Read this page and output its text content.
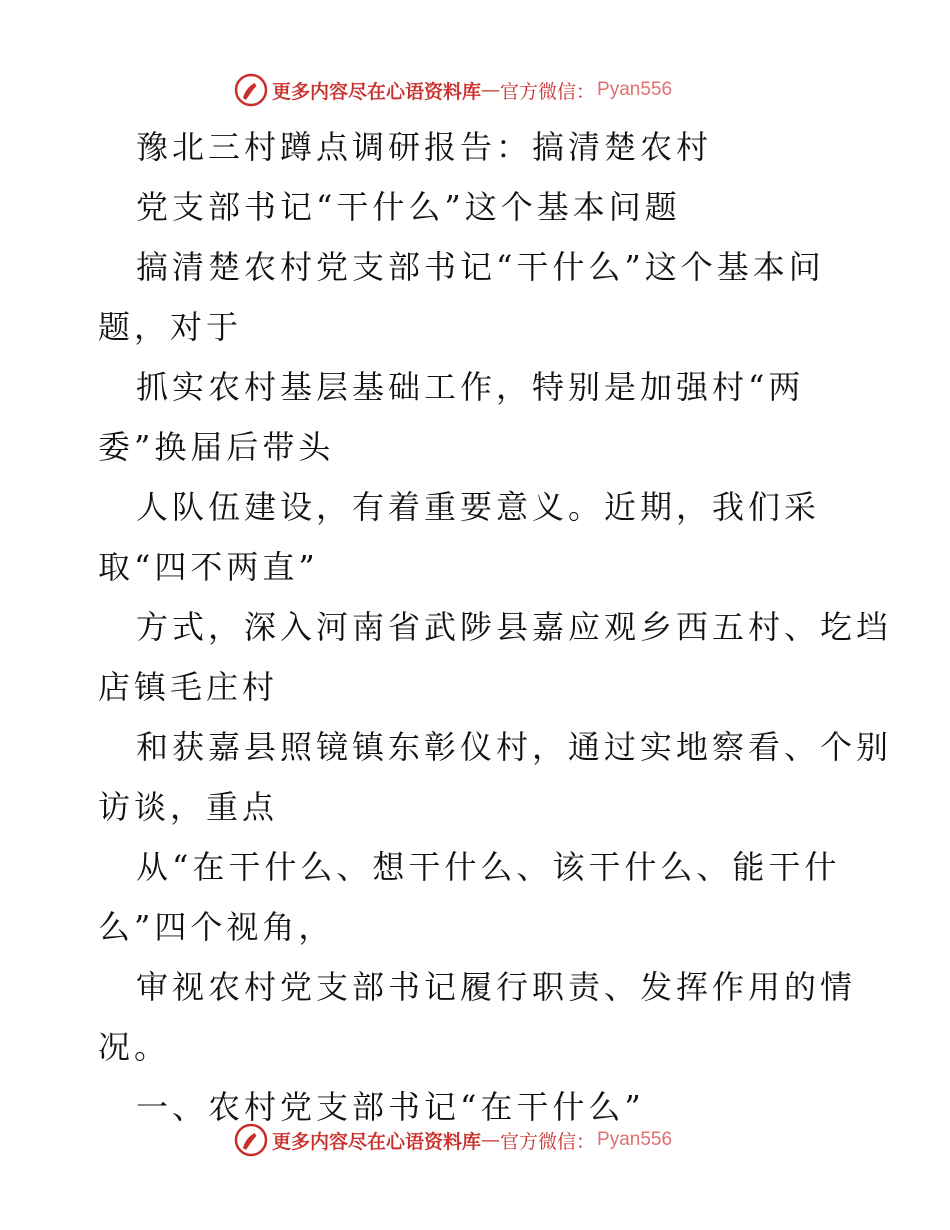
更多内容尽在心语资料库 — 官方微信： Pyan556
豫北三村蹲点调研报告：搞清楚农村
党支部书记“干什么”这个基本问题
搞清楚农村党支部书记“干什么”这个基本问
题，对于
抓实农村基层基础工作，特别是加强村“两
委”换届后带头
人队伍建设，有着重要意义。近期，我们采
取“四不两直”
方式，深入河南省武陟县嘉应观乡西五村、圪垱
店镇毛庄村
和获嘉县照镜镇东彰仪村，通过实地察看、个别
访谈，重点
从“在干什么、想干什么、该干什么、能干什
么”四个视角，
审视农村党支部书记履行职责、发挥作用的情
况。
一、农村党支部书记“在干什么”
更多内容尽在心语资料库 — 官方微信： Pyan556
